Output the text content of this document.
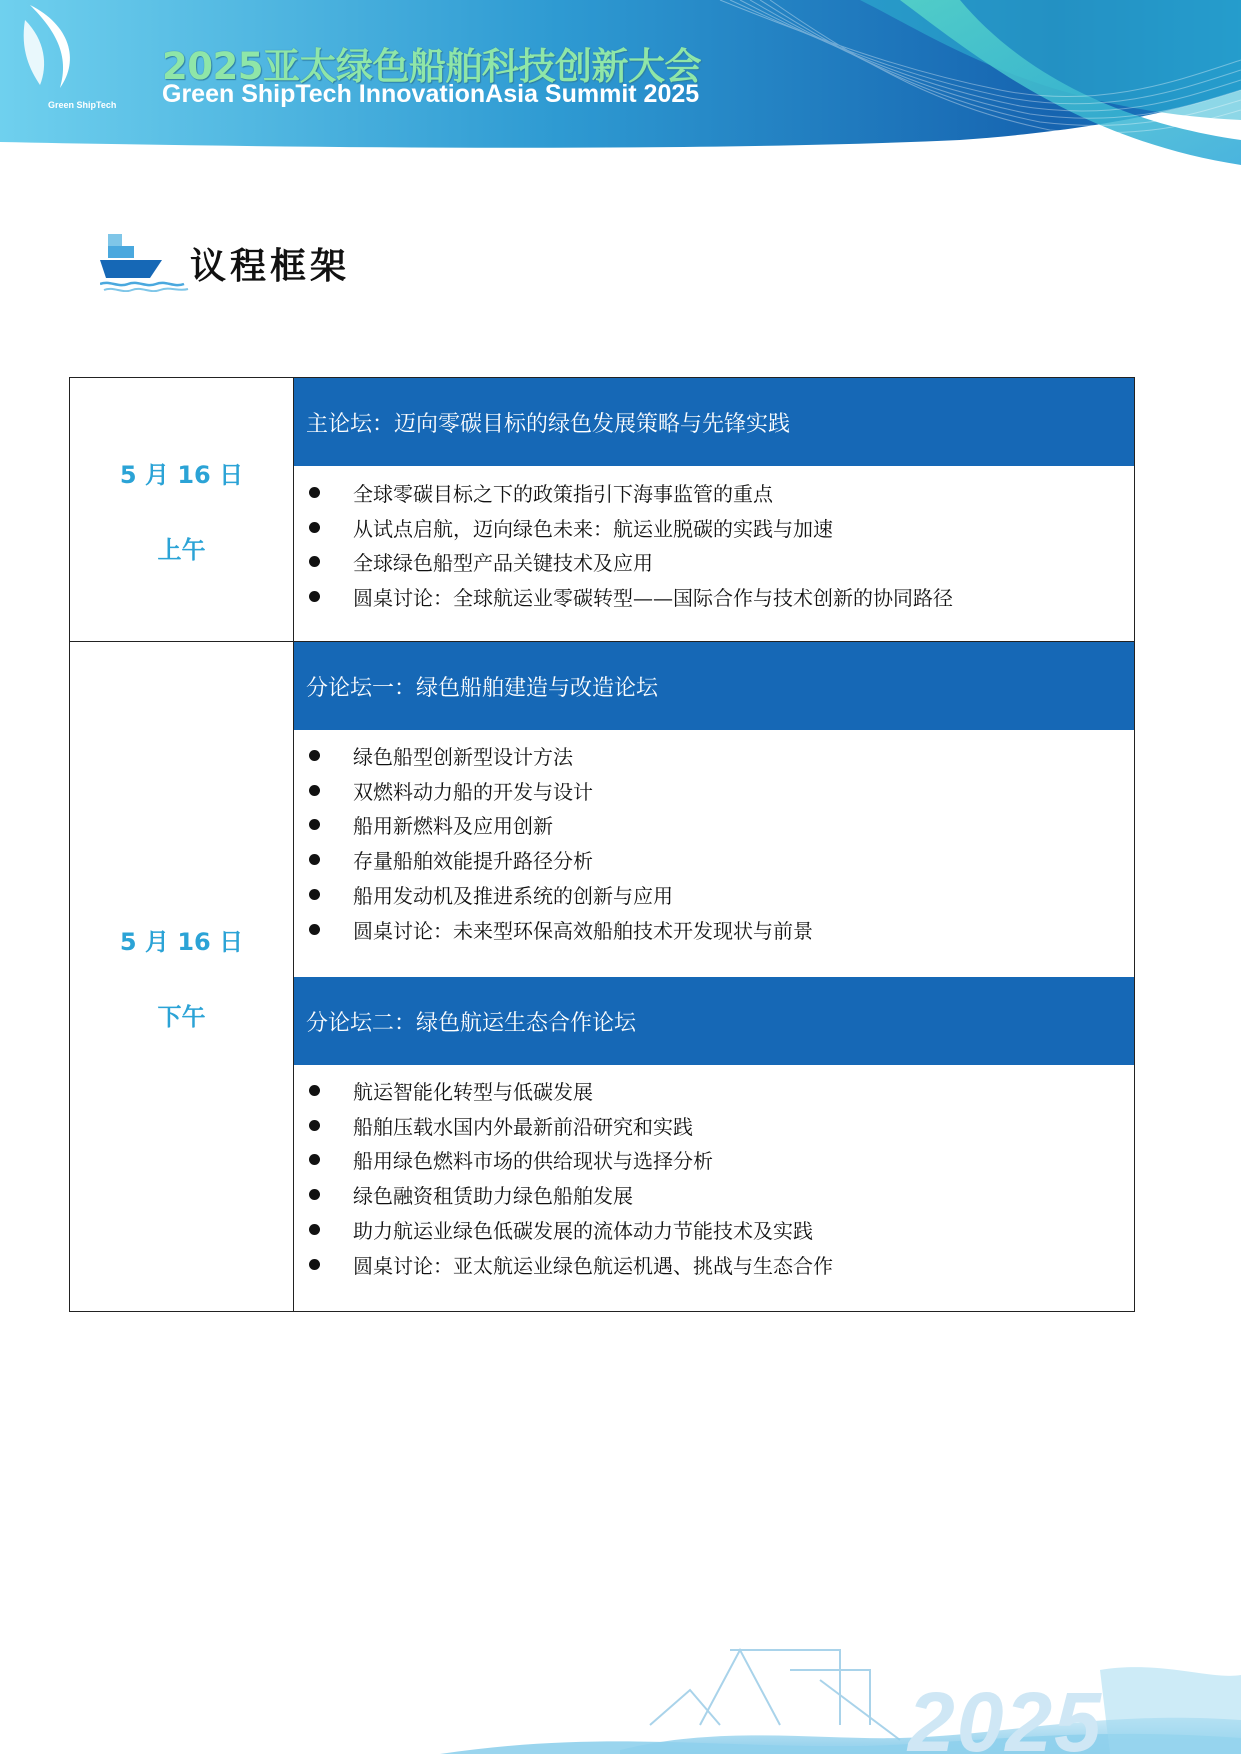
Green ShipTech
2025亚太绿色船舶科技创新大会
Green ShipTech InnovationAsia Summit 2025
议程框架
5 月 16 日
上午
主论坛：迈向零碳目标的绿色发展策略与先锋实践
全球零碳目标之下的政策指引下海事监管的重点
从试点启航，迈向绿色未来：航运业脱碳的实践与加速
全球绿色船型产品关键技术及应用
圆桌讨论：全球航运业零碳转型——国际合作与技术创新的协同路径
5 月 16 日
下午
分论坛一：绿色船舶建造与改造论坛
绿色船型创新型设计方法
双燃料动力船的开发与设计
船用新燃料及应用创新
存量船舶效能提升路径分析
船用发动机及推进系统的创新与应用
圆桌讨论：未来型环保高效船舶技术开发现状与前景
分论坛二：绿色航运生态合作论坛
航运智能化转型与低碳发展
船舶压载水国内外最新前沿研究和实践
船用绿色燃料市场的供给现状与选择分析
绿色融资租赁助力绿色船舶发展
助力航运业绿色低碳发展的流体动力节能技术及实践
圆桌讨论：亚太航运业绿色航运机遇、挑战与生态合作
2025
